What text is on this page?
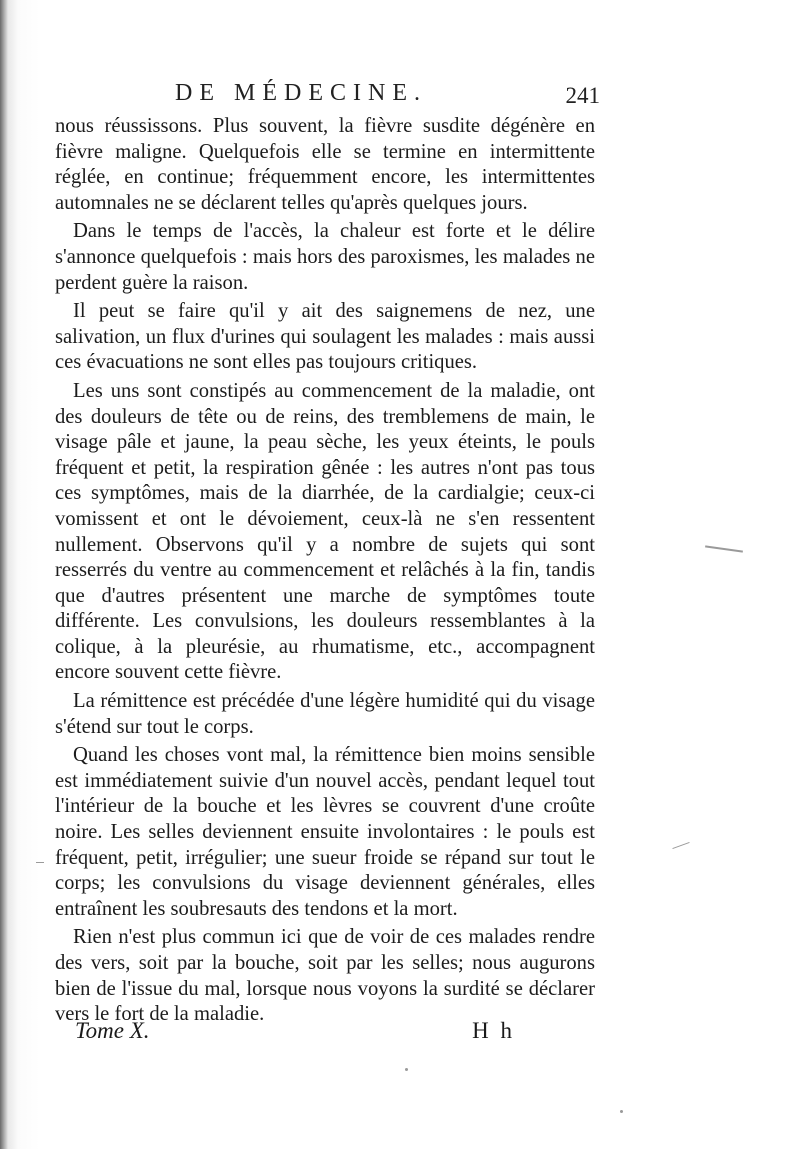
DE MÉDECINE.	241

nous réussissons. Plus souvent, la fièvre susdite dégénère en fièvre maligne. Quelquefois elle se termine en intermittente réglée, en continue; fréquemment encore, les intermittentes automnales ne se déclarent telles qu'après quelques jours.

Dans le temps de l'accès, la chaleur est forte et le délire s'annonce quelquefois : mais hors des paroxismes, les malades ne perdent guère la raison.

Il peut se faire qu'il y ait des saignemens de nez, une salivation, un flux d'urines qui soulagent les malades : mais aussi ces évacuations ne sont elles pas toujours critiques.

Les uns sont constipés au commencement de la maladie, ont des douleurs de tête ou de reins, des tremblemens de main, le visage pâle et jaune, la peau sèche, les yeux éteints, le pouls fréquent et petit, la respiration gênée : les autres n'ont pas tous ces symptômes, mais de la diarrhée, de la cardialgie; ceux-ci vomissent et ont le dévoiement, ceux-là ne s'en ressentent nullement. Observons qu'il y a nombre de sujets qui sont resserrés du ventre au commencement et relâchés à la fin, tandis que d'autres présentent une marche de symptômes toute différente. Les convulsions, les douleurs ressemblantes à la colique, à la pleurésie, au rhumatisme, etc., accompagnent encore souvent cette fièvre.

La rémittence est précédée d'une légère humidité qui du visage s'étend sur tout le corps.

Quand les choses vont mal, la rémittence bien moins sensible est immédiatement suivie d'un nouvel accès, pendant lequel tout l'intérieur de la bouche et les lèvres se couvrent d'une croûte noire. Les selles deviennent ensuite involontaires : le pouls est fréquent, petit, irrégulier; une sueur froide se répand sur tout le corps; les convulsions du visage deviennent générales, elles entraînent les soubresauts des tendons et la mort.

Rien n'est plus commun ici que de voir de ces malades rendre des vers, soit par la bouche, soit par les selles; nous augurons bien de l'issue du mal, lorsque nous voyons la surdité se déclarer vers le fort de la maladie.

Tome X.	H h
